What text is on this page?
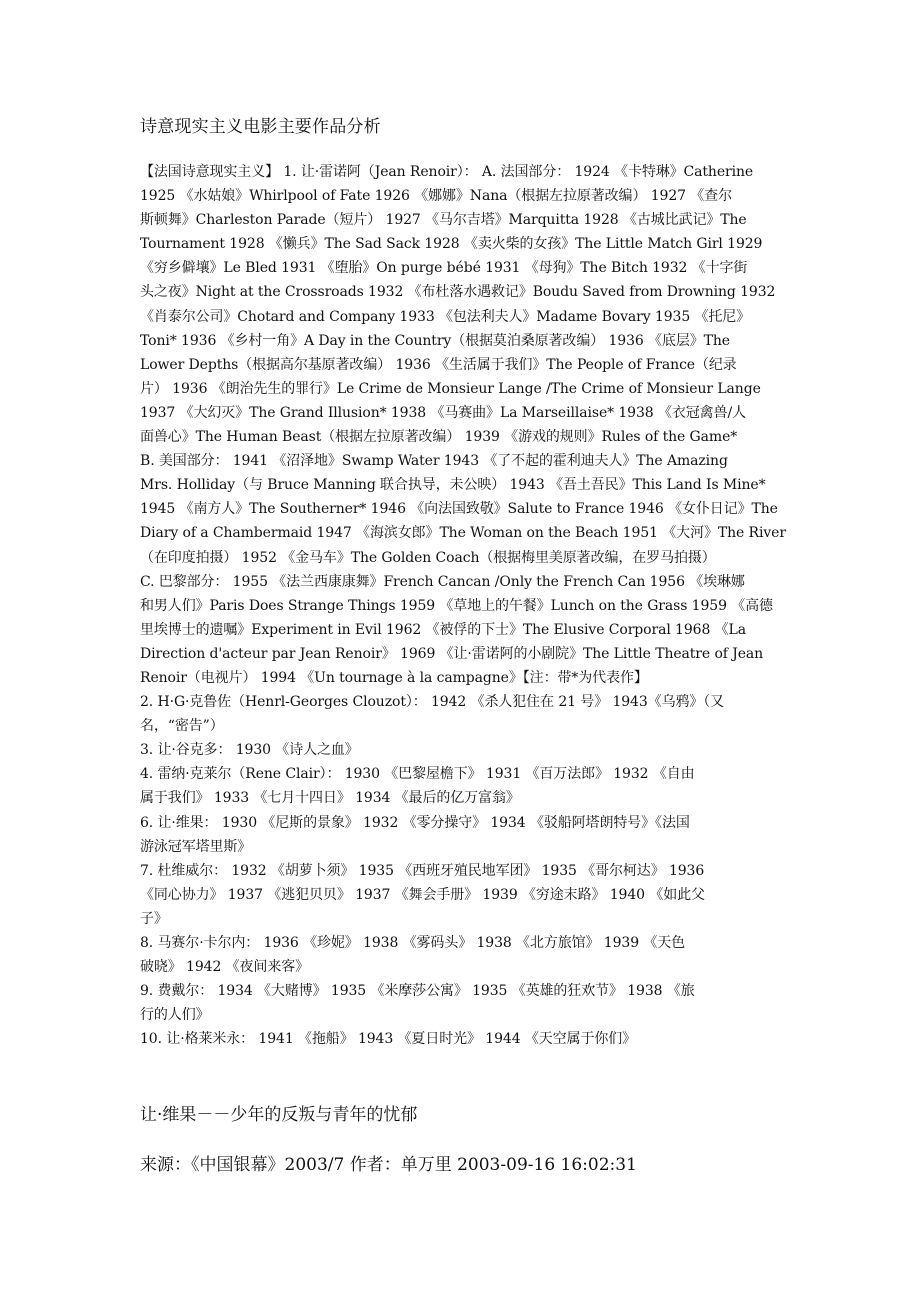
诗意现实主义电影主要作品分析
【法国诗意现实主义】 1. 让·雷诺阿（Jean Renoir）： A. 法国部分： 1924 《卡特琳》Catherine
1925 《水姑娘》Whirlpool of Fate 1926 《娜娜》Nana（根据左拉原著改编） 1927 《查尔
斯顿舞》Charleston Parade（短片） 1927 《马尔吉塔》Marquitta 1928 《古城比武记》The
Tournament 1928 《懒兵》The Sad Sack 1928 《卖火柴的女孩》The Little Match Girl 1929
《穷乡僻壤》Le Bled 1931 《堕胎》On purge bébé 1931 《母狗》The Bitch 1932 《十字街
头之夜》Night at the Crossroads 1932 《布杜落水遇救记》Boudu Saved from Drowning 1932
《肖泰尔公司》Chotard and Company 1933 《包法利夫人》Madame Bovary 1935 《托尼》
Toni* 1936 《乡村一角》A Day in the Country（根据莫泊桑原著改编） 1936 《底层》The
Lower Depths（根据高尔基原著改编） 1936 《生活属于我们》The People of France（纪录
片） 1936 《朗治先生的罪行》Le Crime de Monsieur Lange /The Crime of Monsieur Lange
1937 《大幻灭》The Grand Illusion* 1938 《马赛曲》La Marseillaise* 1938 《衣冠禽兽/人
面兽心》The Human Beast（根据左拉原著改编） 1939 《游戏的规则》Rules of the Game*
B. 美国部分： 1941 《沼泽地》Swamp Water 1943 《了不起的霍利迪夫人》The Amazing
Mrs. Holliday（与 Bruce Manning 联合执导，未公映） 1943 《吾土吾民》This Land Is Mine*
1945 《南方人》The Southerner* 1946 《向法国致敬》Salute to France 1946 《女仆日记》The
Diary of a Chambermaid 1947 《海滨女郎》The Woman on the Beach 1951 《大河》The River
（在印度拍摄） 1952 《金马车》The Golden Coach（根据梅里美原著改编，在罗马拍摄）
C. 巴黎部分： 1955 《法兰西康康舞》French Cancan /Only the French Can 1956 《埃琳娜
和男人们》Paris Does Strange Things 1959 《草地上的午餐》Lunch on the Grass 1959 《高德
里埃博士的遗嘱》Experiment in Evil 1962 《被俘的下士》The Elusive Corporal 1968 《La
Direction d'acteur par Jean Renoir》 1969 《让·雷诺阿的小剧院》The Little Theatre of Jean
Renoir（电视片） 1994 《Un tournage à la campagne》【注：带*为代表作】
2. H·G·克鲁佐（Henrl-Georges Clouzot）： 1942 《杀人犯住在 21 号》 1943《乌鸦》（又
名，“密告”）
3. 让·谷克多： 1930 《诗人之血》
4. 雷纳·克莱尔（Rene Clair）： 1930 《巴黎屋檐下》 1931 《百万法郎》 1932 《自由
属于我们》 1933 《七月十四日》 1934 《最后的亿万富翁》
6. 让·维果： 1930 《尼斯的景象》 1932 《零分操守》 1934 《驳船阿塔朗特号》《法国
游泳冠军塔里斯》
7. 杜维威尔： 1932 《胡萝卜须》 1935 《西班牙殖民地军团》 1935 《哥尔柯达》 1936
《同心协力》 1937 《逃犯贝贝》 1937 《舞会手册》 1939 《穷途末路》 1940 《如此父
子》
8. 马赛尔·卡尔内： 1936 《珍妮》 1938 《雾码头》 1938 《北方旅馆》 1939 《天色
破晓》 1942 《夜间来客》
9. 费戴尔： 1934 《大赌博》 1935 《米摩莎公寓》 1935 《英雄的狂欢节》 1938 《旅
行的人们》
10. 让·格莱米永： 1941 《拖船》 1943 《夏日时光》 1944 《天空属于你们》
让·维果－－少年的反叛与青年的忧郁
来源：《中国银幕》2003/7 作者：单万里 2003-09-16 16:02:31
